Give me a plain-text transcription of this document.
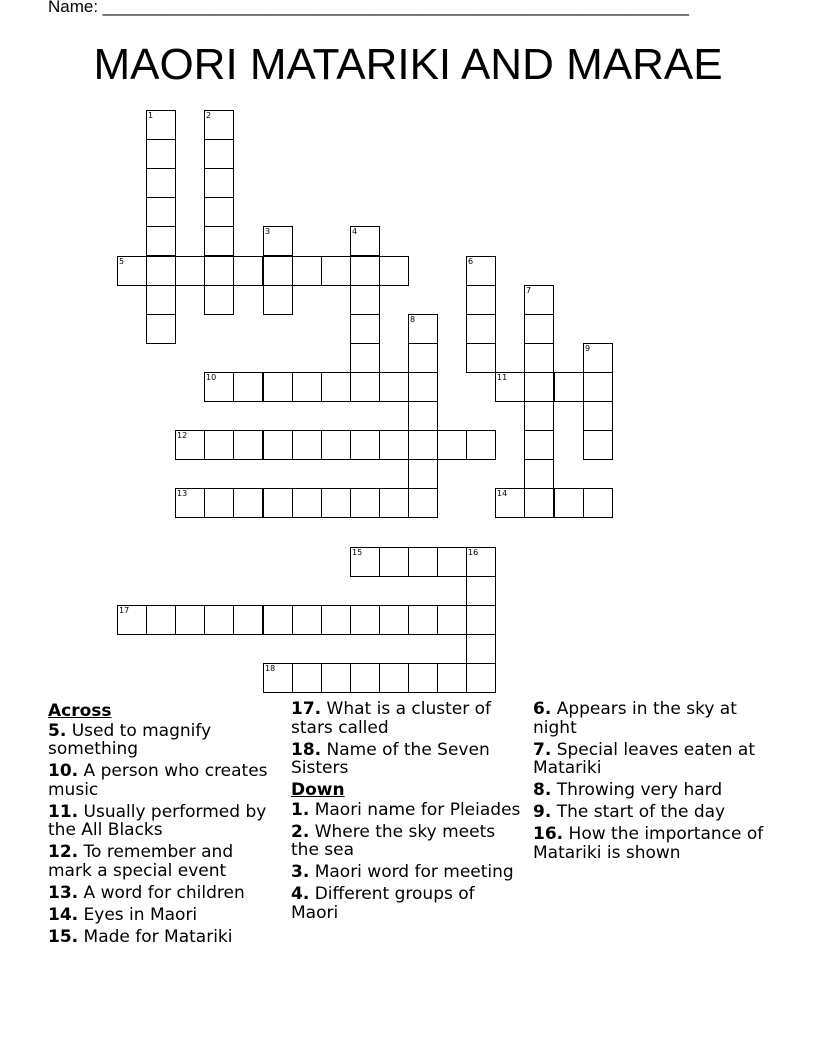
Name: ______________________________________________________________
MAORI MATARIKI AND MARAE
1	2
3	4
5	6
7
8
9
10	11
12
13	14
15	16
17
18
Across
5. Used to magnify something
10. A person who creates music
11. Usually performed by the All Blacks
12. To remember and mark a special event
13. A word for children
14. Eyes in Maori
15. Made for Matariki
17. What is a cluster of stars called
18. Name of the Seven Sisters
Down
1. Maori name for Pleiades
2. Where the sky meets the sea
3. Maori word for meeting
4. Different groups of Maori
6. Appears in the sky at night
7. Special leaves eaten at Matariki
8. Throwing very hard
9. The start of the day
16. How the importance of Matariki is shown
